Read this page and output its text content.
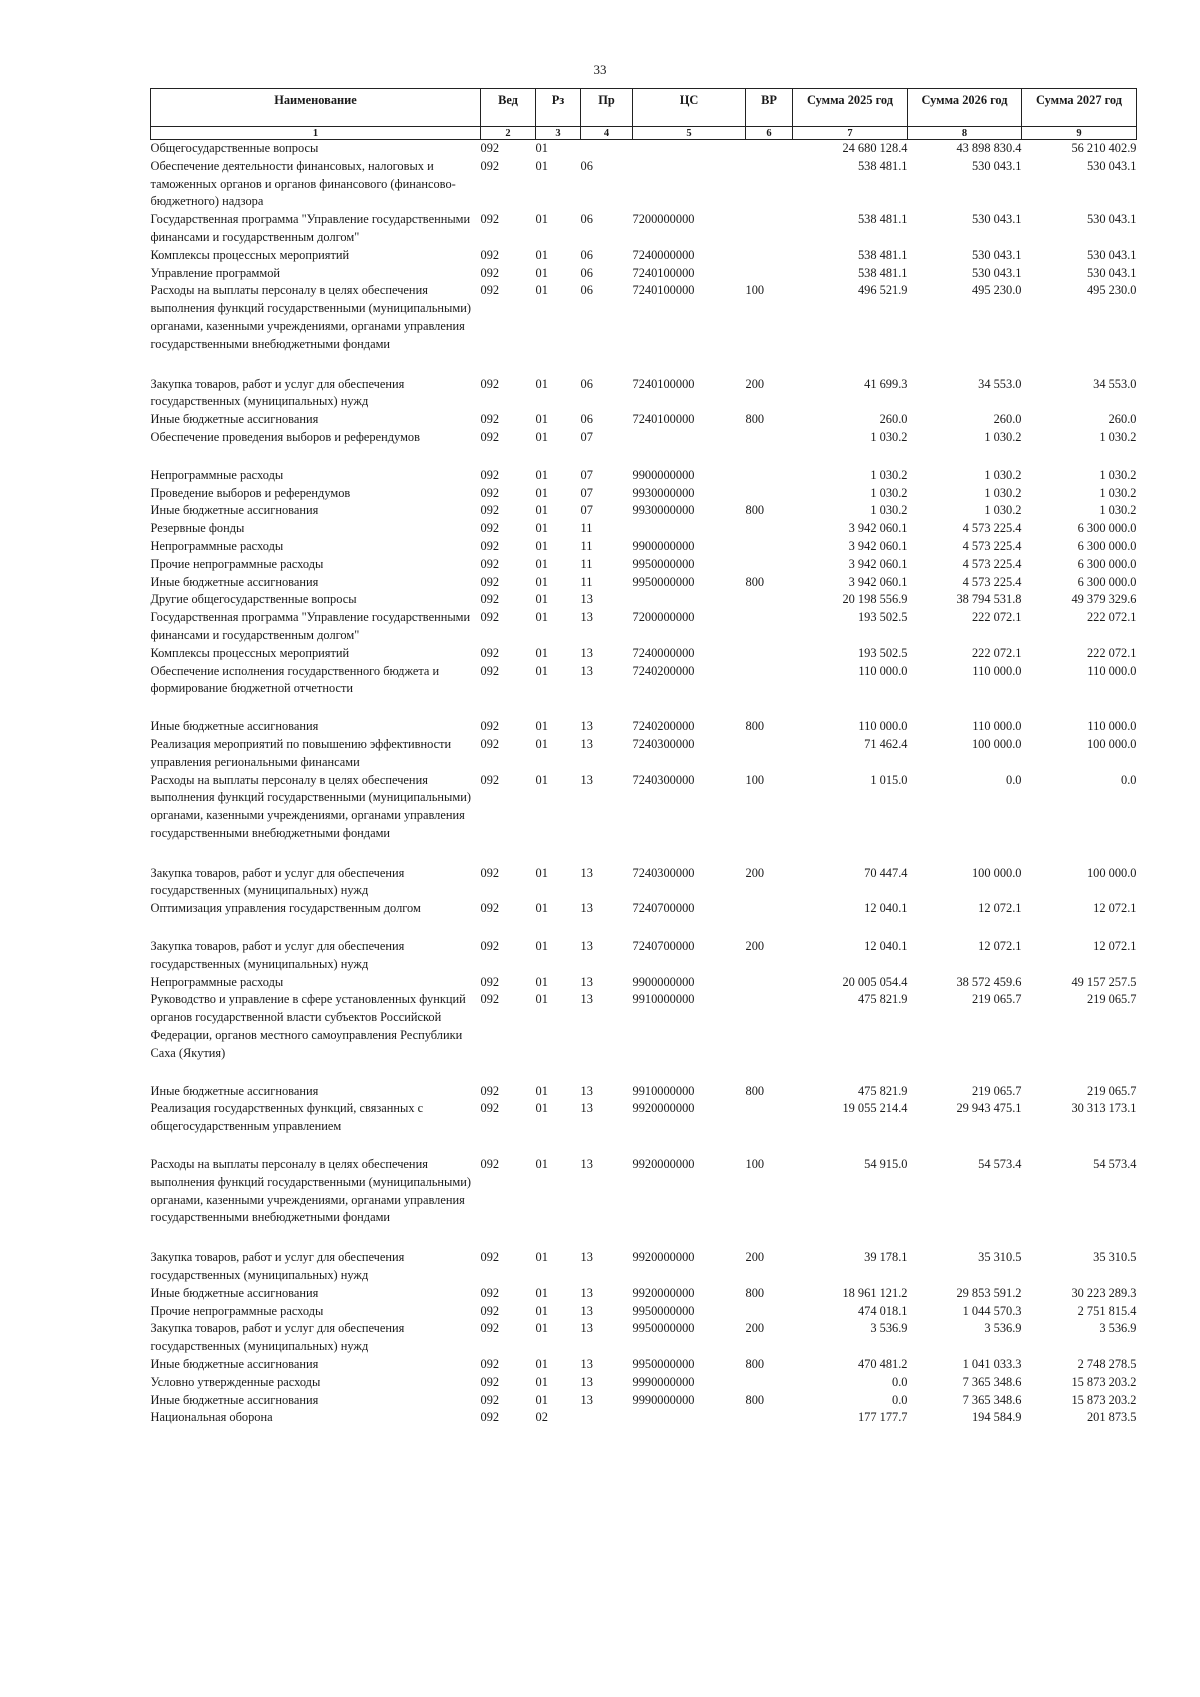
33
Наименование	Вед	Рз	Пр	ЦС	ВР	Сумма 2025 год	Сумма 2026 год	Сумма 2027 год
1	2	3	4	5	6	7	8	9
Общегосударственные вопросы	092	01				24 680 128.4	43 898 830.4	56 210 402.9
Обеспечение деятельности финансовых, налоговых и таможенных органов и органов финансового (финансово-бюджетного) надзора	092	01	06			538 481.1	530 043.1	530 043.1
Государственная программа "Управление государственными финансами и государственным долгом"	092	01	06	7200000000		538 481.1	530 043.1	530 043.1
Комплексы процессных мероприятий	092	01	06	7240000000		538 481.1	530 043.1	530 043.1
Управление программой	092	01	06	7240100000		538 481.1	530 043.1	530 043.1
Расходы на выплаты персоналу в целях обеспечения выполнения функций государственными (муниципальными) органами, казенными учреждениями, органами управления государственными внебюджетными фондами	092	01	06	7240100000	100	496 521.9	495 230.0	495 230.0
Закупка товаров, работ и услуг для обеспечения государственных (муниципальных) нужд	092	01	06	7240100000	200	41 699.3	34 553.0	34 553.0
Иные бюджетные ассигнования	092	01	06	7240100000	800	260.0	260.0	260.0
Обеспечение проведения выборов и референдумов	092	01	07			1 030.2	1 030.2	1 030.2
Непрограммные расходы	092	01	07	9900000000		1 030.2	1 030.2	1 030.2
Проведение выборов и референдумов	092	01	07	9930000000		1 030.2	1 030.2	1 030.2
Иные бюджетные ассигнования	092	01	07	9930000000	800	1 030.2	1 030.2	1 030.2
Резервные фонды	092	01	11			3 942 060.1	4 573 225.4	6 300 000.0
Непрограммные расходы	092	01	11	9900000000		3 942 060.1	4 573 225.4	6 300 000.0
Прочие непрограммные расходы	092	01	11	9950000000		3 942 060.1	4 573 225.4	6 300 000.0
Иные бюджетные ассигнования	092	01	11	9950000000	800	3 942 060.1	4 573 225.4	6 300 000.0
Другие общегосударственные вопросы	092	01	13			20 198 556.9	38 794 531.8	49 379 329.6
Государственная программа "Управление государственными финансами и государственным долгом"	092	01	13	7200000000		193 502.5	222 072.1	222 072.1
Комплексы процессных мероприятий	092	01	13	7240000000		193 502.5	222 072.1	222 072.1
Обеспечение исполнения государственного бюджета и формирование бюджетной отчетности	092	01	13	7240200000		110 000.0	110 000.0	110 000.0
Иные бюджетные ассигнования	092	01	13	7240200000	800	110 000.0	110 000.0	110 000.0
Реализация мероприятий по повышению эффективности управления региональными финансами	092	01	13	7240300000		71 462.4	100 000.0	100 000.0
Расходы на выплаты персоналу в целях обеспечения выполнения функций государственными (муниципальными) органами, казенными учреждениями, органами управления государственными внебюджетными фондами	092	01	13	7240300000	100	1 015.0	0.0	0.0
Закупка товаров, работ и услуг для обеспечения государственных (муниципальных) нужд	092	01	13	7240300000	200	70 447.4	100 000.0	100 000.0
Оптимизация управления государственным долгом	092	01	13	7240700000		12 040.1	12 072.1	12 072.1
Закупка товаров, работ и услуг для обеспечения государственных (муниципальных) нужд	092	01	13	7240700000	200	12 040.1	12 072.1	12 072.1
Непрограммные расходы	092	01	13	9900000000		20 005 054.4	38 572 459.6	49 157 257.5
Руководство и управление в сфере установленных функций органов государственной власти субъектов Российской Федерации, органов местного самоуправления Республики Саха (Якутия)	092	01	13	9910000000		475 821.9	219 065.7	219 065.7
Иные бюджетные ассигнования	092	01	13	9910000000	800	475 821.9	219 065.7	219 065.7
Реализация государственных функций, связанных с общегосударственным управлением	092	01	13	9920000000		19 055 214.4	29 943 475.1	30 313 173.1
Расходы на выплаты персоналу в целях обеспечения выполнения функций государственными (муниципальными) органами, казенными учреждениями, органами управления государственными внебюджетными фондами	092	01	13	9920000000	100	54 915.0	54 573.4	54 573.4
Закупка товаров, работ и услуг для обеспечения государственных (муниципальных) нужд	092	01	13	9920000000	200	39 178.1	35 310.5	35 310.5
Иные бюджетные ассигнования	092	01	13	9920000000	800	18 961 121.2	29 853 591.2	30 223 289.3
Прочие непрограммные расходы	092	01	13	9950000000		474 018.1	1 044 570.3	2 751 815.4
Закупка товаров, работ и услуг для обеспечения государственных (муниципальных) нужд	092	01	13	9950000000	200	3 536.9	3 536.9	3 536.9
Иные бюджетные ассигнования	092	01	13	9950000000	800	470 481.2	1 041 033.3	2 748 278.5
Условно утвержденные расходы	092	01	13	9990000000		0.0	7 365 348.6	15 873 203.2
Иные бюджетные ассигнования	092	01	13	9990000000	800	0.0	7 365 348.6	15 873 203.2
Национальная оборона	092	02				177 177.7	194 584.9	201 873.5
